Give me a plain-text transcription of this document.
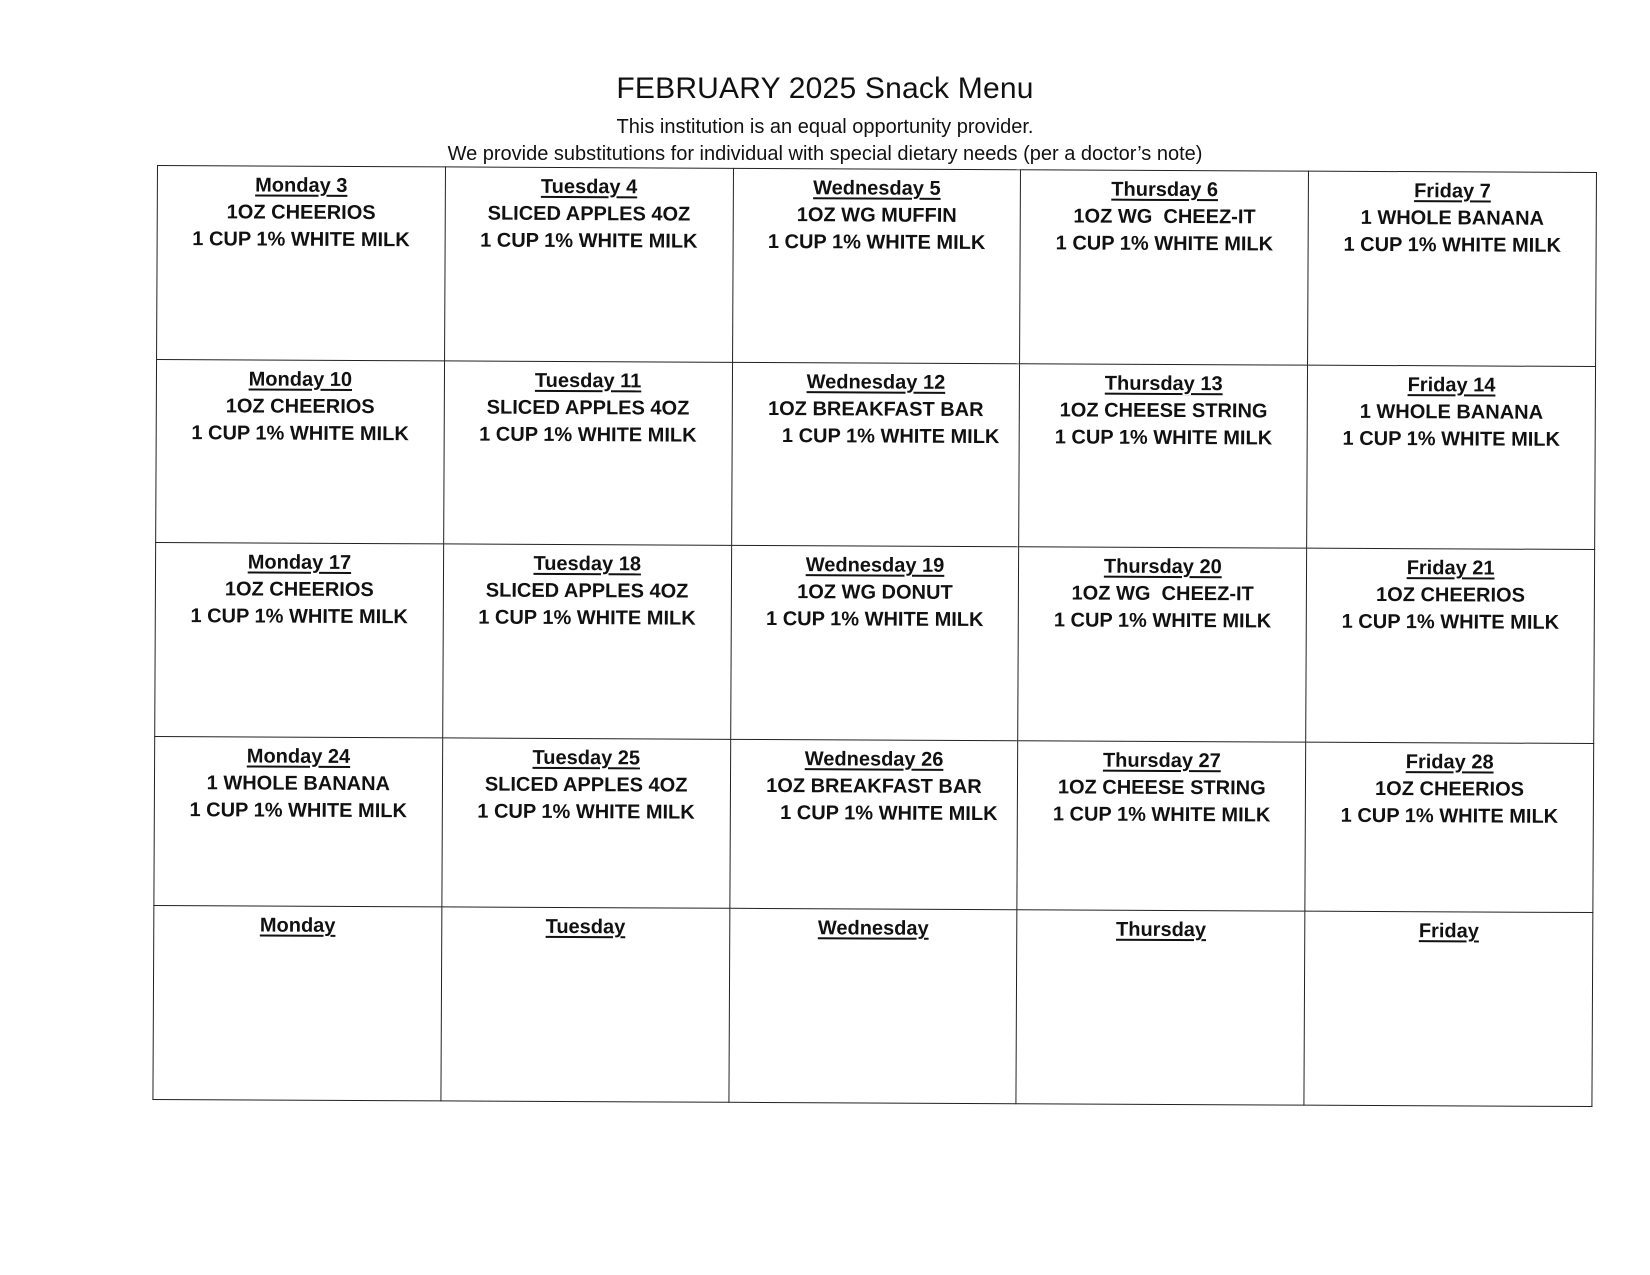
FEBRUARY 2025 Snack Menu
This institution is an equal opportunity provider.
We provide substitutions for individual with special dietary needs (per a doctor’s note)
Monday 3
1OZ CHEERIOS
1 CUP 1% WHITE MILK	Tuesday 4
SLICED APPLES 4OZ
1 CUP 1% WHITE MILK	Wednesday 5
1OZ WG MUFFIN
1 CUP 1% WHITE MILK	Thursday 6
1OZ WG  CHEEZ-IT
1 CUP 1% WHITE MILK	Friday 7
1 WHOLE BANANA
1 CUP 1% WHITE MILK

Monday 10
1OZ CHEERIOS
1 CUP 1% WHITE MILK	Tuesday 11
SLICED APPLES 4OZ
1 CUP 1% WHITE MILK	Wednesday 12
1OZ BREAKFAST BAR
1 CUP 1% WHITE MILK	Thursday 13
1OZ CHEESE STRING
1 CUP 1% WHITE MILK	Friday 14
1 WHOLE BANANA
1 CUP 1% WHITE MILK

Monday 17
1OZ CHEERIOS
1 CUP 1% WHITE MILK	Tuesday 18
SLICED APPLES 4OZ
1 CUP 1% WHITE MILK	Wednesday 19
1OZ WG DONUT
1 CUP 1% WHITE MILK	Thursday 20
1OZ WG  CHEEZ-IT
1 CUP 1% WHITE MILK	Friday 21
1OZ CHEERIOS
1 CUP 1% WHITE MILK

Monday 24
1 WHOLE BANANA
1 CUP 1% WHITE MILK	Tuesday 25
SLICED APPLES 4OZ
1 CUP 1% WHITE MILK	Wednesday 26
1OZ BREAKFAST BAR
1 CUP 1% WHITE MILK	Thursday 27
1OZ CHEESE STRING
1 CUP 1% WHITE MILK	Friday 28
1OZ CHEERIOS
1 CUP 1% WHITE MILK

Monday	Tuesday	Wednesday	Thursday	Friday
